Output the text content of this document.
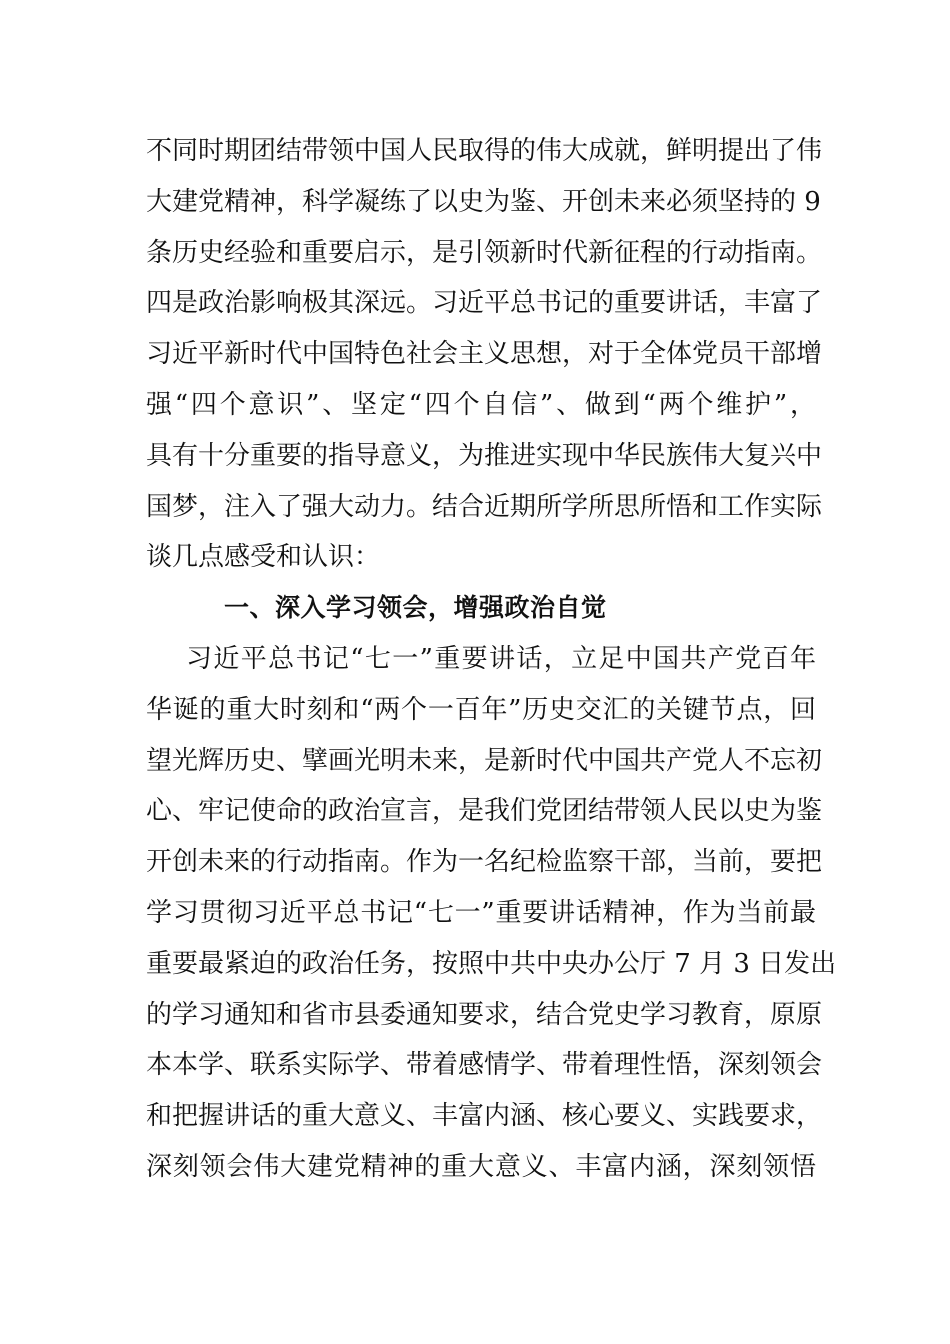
不同时期团结带领中国人民取得的伟大成就，鲜明提出了伟
大建党精神，科学凝练了以史为鉴、开创未来必须坚持的 9
条历史经验和重要启示，是引领新时代新征程的行动指南。
四是政治影响极其深远。习近平总书记的重要讲话，丰富了
习近平新时代中国特色社会主义思想，对于全体党员干部增
强“四个意识”、坚定“四个自信”、做到“两个维护”，
具有十分重要的指导意义，为推进实现中华民族伟大复兴中
国梦，注入了强大动力。结合近期所学所思所悟和工作实际
谈几点感受和认识：
一、深入学习领会，增强政治自觉
习近平总书记“七一”重要讲话，立足中国共产党百年
华诞的重大时刻和“两个一百年”历史交汇的关键节点，回
望光辉历史、擘画光明未来，是新时代中国共产党人不忘初
心、牢记使命的政治宣言，是我们党团结带领人民以史为鉴
开创未来的行动指南。作为一名纪检监察干部，当前，要把
学习贯彻习近平总书记“七一”重要讲话精神，作为当前最
重要最紧迫的政治任务，按照中共中央办公厅 7 月 3 日发出
的学习通知和省市县委通知要求，结合党史学习教育，原原
本本学、联系实际学、带着感情学、带着理性悟，深刻领会
和把握讲话的重大意义、丰富内涵、核心要义、实践要求，
深刻领会伟大建党精神的重大意义、丰富内涵，深刻领悟
